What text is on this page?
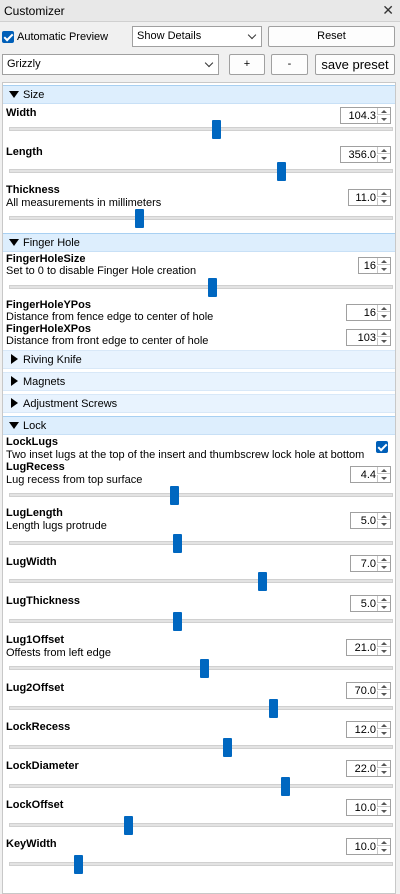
Customizer	✕
Automatic Preview	Show Details	Reset
Grizzly	+	-	save preset
Size
Width	104.3
Length	356.0
Thickness
All measurements in millimeters	11.0
Finger Hole
FingerHoleSize
Set to 0 to disable Finger Hole creation	16
FingerHoleYPos
Distance from fence edge to center of hole	16
FingerHoleXPos
Distance from front edge to center of hole	103
Riving Knife
Magnets
Adjustment Screws
Lock
LockLugs
Two inset lugs at the top of the insert and thumbscrew lock hole at bottom
LugRecess
Lug recess from top surface	4.4
LugLength
Length lugs protrude	5.0
LugWidth	7.0
LugThickness	5.0
Lug1Offset
Offests from left edge	21.0
Lug2Offset	70.0
LockRecess	12.0
LockDiameter	22.0
LockOffset	10.0
KeyWidth	10.0
